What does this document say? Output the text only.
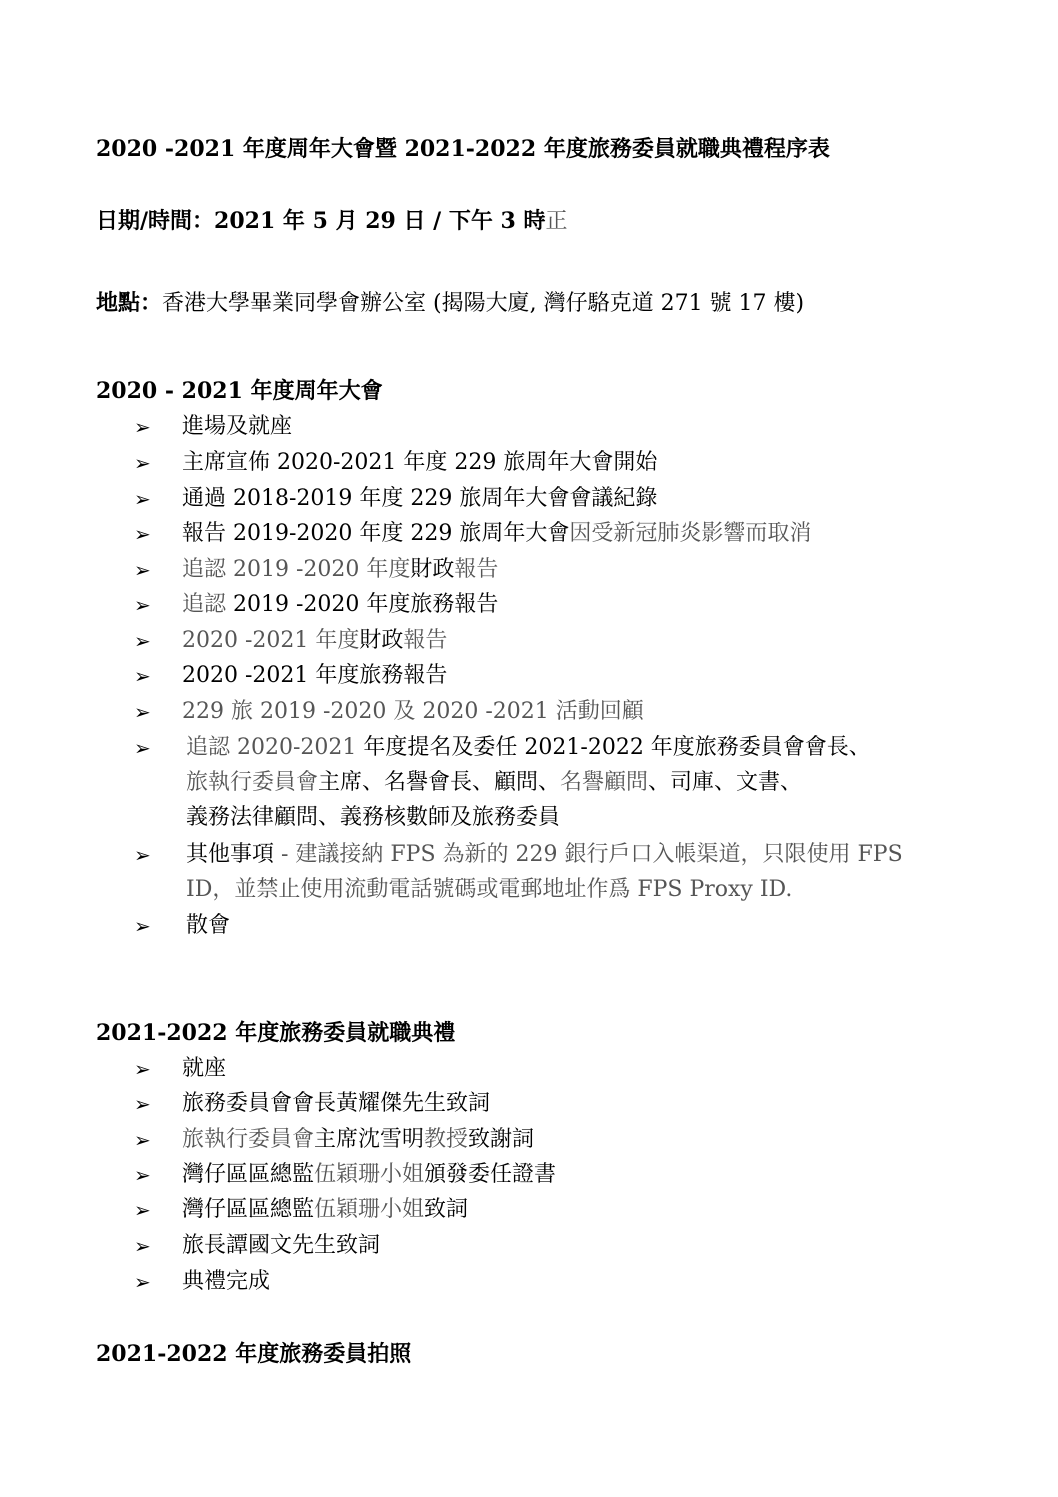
2020 -2021 年度周年大會暨 2021-2022 年度旅務委員就職典禮程序表
日期/時間：2021 年 5 月 29 日 / 下午 3 時正
地點：香港大學畢業同學會辦公室 (揭陽大廈, 灣仔駱克道 271 號 17 樓)
2020 - 2021 年度周年大會
➢ 進場及就座
➢ 主席宣佈 2020-2021 年度 229 旅周年大會開始
➢ 通過 2018-2019 年度 229 旅周年大會會議紀錄
➢ 報告 2019-2020 年度 229 旅周年大會因受新冠肺炎影響而取消
➢ 追認 2019 -2020 年度財政報告
➢ 追認 2019 -2020 年度旅務報告
➢ 2020 -2021 年度財政報告
➢ 2020 -2021 年度旅務報告
➢ 229 旅 2019 -2020 及 2020 -2021 活動回顧
➢ 追認 2020-2021 年度提名及委任 2021-2022 年度旅務委員會會長、
旅執行委員會主席、名譽會長、顧問、名譽顧問、司庫、文書、
義務法律顧問、義務核數師及旅務委員
➢ 其他事項 - 建議接納 FPS 為新的 229 銀行戶口入帳渠道，只限使用 FPS
ID，並禁止使用流動電話號碼或電郵地址作爲 FPS Proxy ID.
➢ 散會
2021-2022 年度旅務委員就職典禮
➢ 就座
➢ 旅務委員會會長黃耀傑先生致詞
➢ 旅執行委員會主席沈雪明教授致謝詞
➢ 灣仔區區總監伍穎珊小姐頒發委任證書
➢ 灣仔區區總監伍穎珊小姐致詞
➢ 旅長譚國文先生致詞
➢ 典禮完成
2021-2022 年度旅務委員拍照
